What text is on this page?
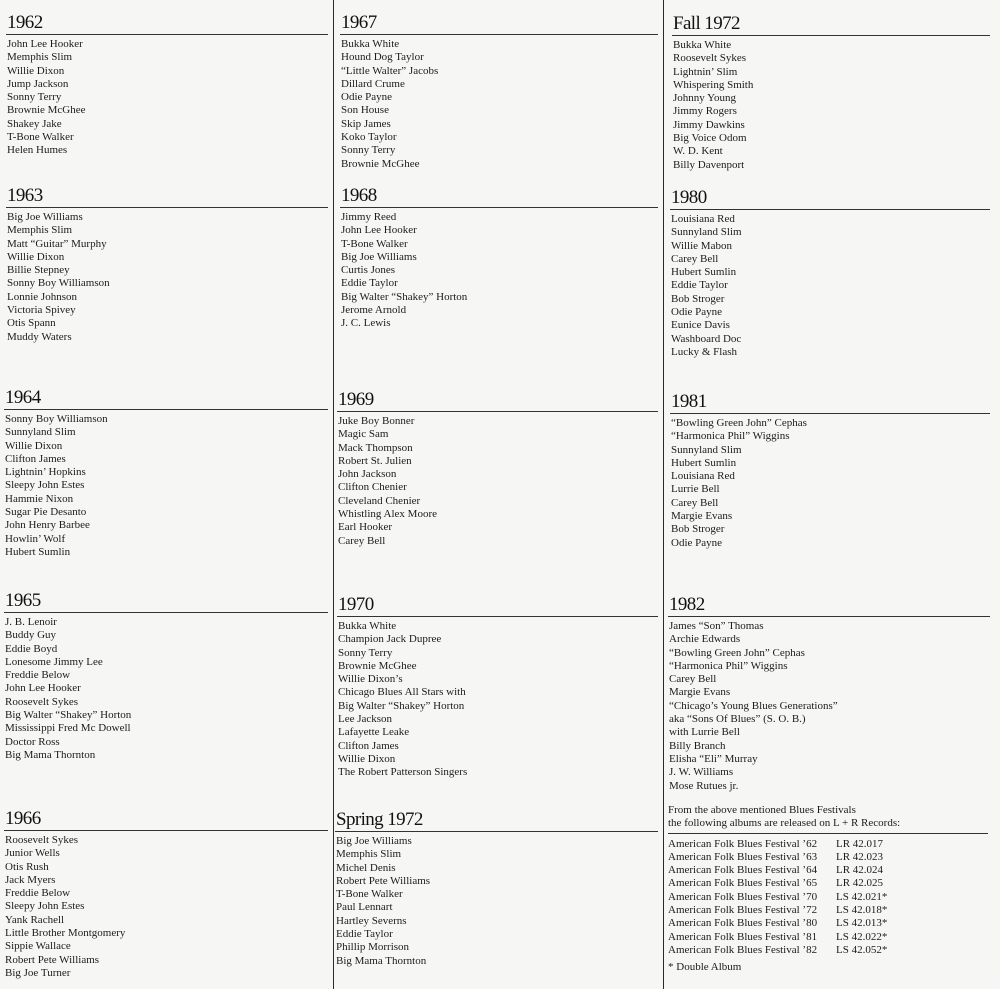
1962
John Lee Hooker
Memphis Slim
Willie Dixon
Jump Jackson
Sonny Terry
Brownie McGhee
Shakey Jake
T-Bone Walker
Helen Humes
1963
Big Joe Williams
Memphis Slim
Matt “Guitar” Murphy
Willie Dixon
Billie Stepney
Sonny Boy Williamson
Lonnie Johnson
Victoria Spivey
Otis Spann
Muddy Waters
1964
Sonny Boy Williamson
Sunnyland Slim
Willie Dixon
Clifton James
Lightnin’ Hopkins
Sleepy John Estes
Hammie Nixon
Sugar Pie Desanto
John Henry Barbee
Howlin’ Wolf
Hubert Sumlin
1965
J. B. Lenoir
Buddy Guy
Eddie Boyd
Lonesome Jimmy Lee
Freddie Below
John Lee Hooker
Roosevelt Sykes
Big Walter “Shakey” Horton
Mississippi Fred Mc Dowell
Doctor Ross
Big Mama Thornton
1966
Roosevelt Sykes
Junior Wells
Otis Rush
Jack Myers
Freddie Below
Sleepy John Estes
Yank Rachell
Little Brother Montgomery
Sippie Wallace
Robert Pete Williams
Big Joe Turner
1967
Bukka White
Hound Dog Taylor
“Little Walter” Jacobs
Dillard Crume
Odie Payne
Son House
Skip James
Koko Taylor
Sonny Terry
Brownie McGhee
1968
Jimmy Reed
John Lee Hooker
T-Bone Walker
Big Joe Williams
Curtis Jones
Eddie Taylor
Big Walter “Shakey” Horton
Jerome Arnold
J. C. Lewis
1969
Juke Boy Bonner
Magic Sam
Mack Thompson
Robert St. Julien
John Jackson
Clifton Chenier
Cleveland Chenier
Whistling Alex Moore
Earl Hooker
Carey Bell
1970
Bukka White
Champion Jack Dupree
Sonny Terry
Brownie McGhee
Willie Dixon’s
Chicago Blues All Stars with
Big Walter “Shakey” Horton
Lee Jackson
Lafayette Leake
Clifton James
Willie Dixon
The Robert Patterson Singers
Spring 1972
Big Joe Williams
Memphis Slim
Michel Denis
Robert Pete Williams
T-Bone Walker
Paul Lennart
Hartley Severns
Eddie Taylor
Phillip Morrison
Big Mama Thornton
Fall 1972
Bukka White
Roosevelt Sykes
Lightnin’ Slim
Whispering Smith
Johnny Young
Jimmy Rogers
Jimmy Dawkins
Big Voice Odom
W. D. Kent
Billy Davenport
1980
Louisiana Red
Sunnyland Slim
Willie Mabon
Carey Bell
Hubert Sumlin
Eddie Taylor
Bob Stroger
Odie Payne
Eunice Davis
Washboard Doc
Lucky & Flash
1981
“Bowling Green John” Cephas
“Harmonica Phil” Wiggins
Sunnyland Slim
Hubert Sumlin
Louisiana Red
Lurrie Bell
Carey Bell
Margie Evans
Bob Stroger
Odie Payne
1982
James “Son” Thomas
Archie Edwards
“Bowling Green John” Cephas
“Harmonica Phil” Wiggins
Carey Bell
Margie Evans
“Chicago’s Young Blues Generations”
aka “Sons Of Blues” (S. O. B.)
with Lurrie Bell
Billy Branch
Elisha “Eli” Murray
J. W. Williams
Mose Rutues jr.
From the above mentioned Blues Festivals
the following albums are released on L + R Records:
American Folk Blues Festival ’62 LR 42.017
American Folk Blues Festival ’63 LR 42.023
American Folk Blues Festival ’64 LR 42.024
American Folk Blues Festival ’65 LR 42.025
American Folk Blues Festival ’70 LS 42.021*
American Folk Blues Festival ’72 LS 42.018*
American Folk Blues Festival ’80 LS 42.013*
American Folk Blues Festival ’81 LS 42.022*
American Folk Blues Festival ’82 LS 42.052*
* Double Album
